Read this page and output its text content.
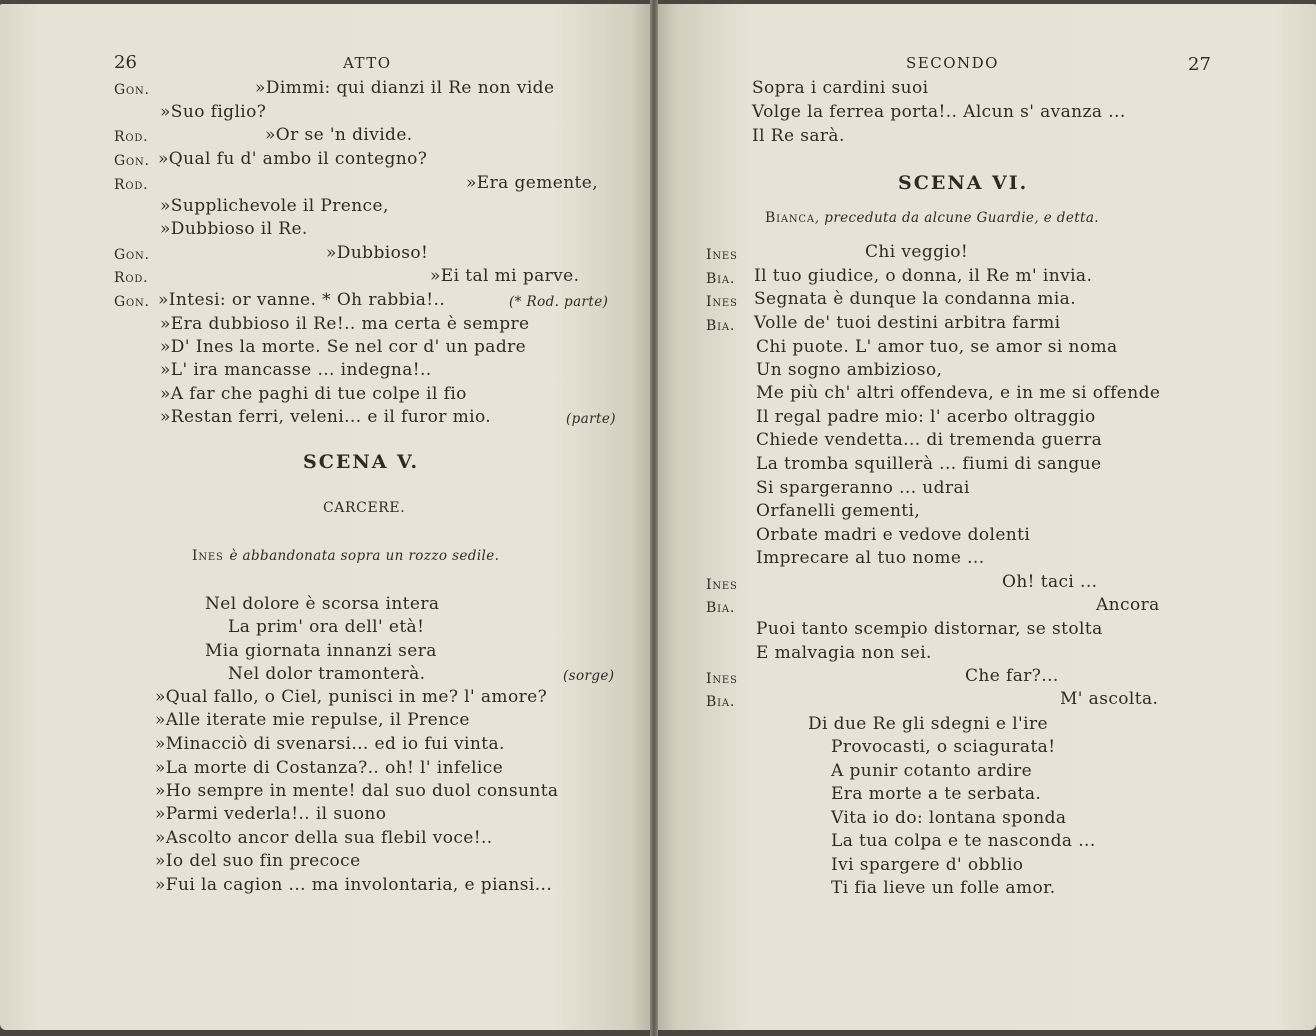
26	ATTO	SECONDO	27
SCENA V.
CARCERE.
Ines è abbandonata sopra un rozzo sedile.
SCENA VI.
Bianca, preceduta da alcune Guardie, e detta.
Gon.	»Dimmi: qui dianzi il Re non vide
»Suo figlio?
Rod.	»Or se 'n divide.
Gon. »Qual fu d' ambo il contegno?
Rod.	»Era gemente,
»Supplichevole il Prence,
»Dubbioso il Re.
Gon.	»Dubbioso!
Rod.	»Ei tal mi parve.
Gon. »Intesi: or vanne. * Oh rabbia!..
»Era dubbioso il Re!.. ma certa è sempre
»D' Ines la morte. Se nel cor d' un padre
»L' ira mancasse ... indegna!..
»A far che paghi di tue colpe il fio
»Restan ferri, veleni... e il furor mio.
(* Rod. parte)
(parte)
Nel dolore è scorsa intera
La prim' ora dell' età!
Mia giornata innanzi sera
Nel dolor tramonterà.
»Qual fallo, o Ciel, punisci in me? l' amore?
»Alle iterate mie repulse, il Prence
»Minacciò di svenarsi... ed io fui vinta.
»La morte di Costanza?.. oh! l' infelice
»Ho sempre in mente! dal suo duol consunta
»Parmi vederla!.. il suono
»Ascolto ancor della sua flebil voce!..
»Io del suo fin precoce
»Fui la cagion ... ma involontaria, e piansi...
(sorge)
Sopra i cardini suoi
Volge la ferrea porta!.. Alcun s' avanza ...
Il Re sarà.
Ines	Chi veggio!
Bia. Il tuo giudice, o donna, il Re m' invia.
Ines Segnata è dunque la condanna mia.
Bia. Volle de' tuoi destini arbitra farmi
Chi puote. L' amor tuo, se amor si noma
Un sogno ambizioso,
Me più ch' altri offendeva, e in me si offende
Il regal padre mio: l' acerbo oltraggio
Chiede vendetta... di tremenda guerra
La tromba squillerà ... fiumi di sangue
Si spargeranno ... udrai
Orfanelli gementi,
Orbate madri e vedove dolenti
Imprecare al tuo nome ...
Ines	Oh! taci ...
Bia.	Ancora
Puoi tanto scempio distornar, se stolta
E malvagia non sei.
Ines	Che far?...
Bia.	M' ascolta.
Di due Re gli sdegni e l'ire
Provocasti, o sciagurata!
A punir cotanto ardire
Era morte a te serbata.
Vita io do: lontana sponda
La tua colpa e te nasconda ...
Ivi spargere d' obblio
Ti fia lieve un folle amor.
